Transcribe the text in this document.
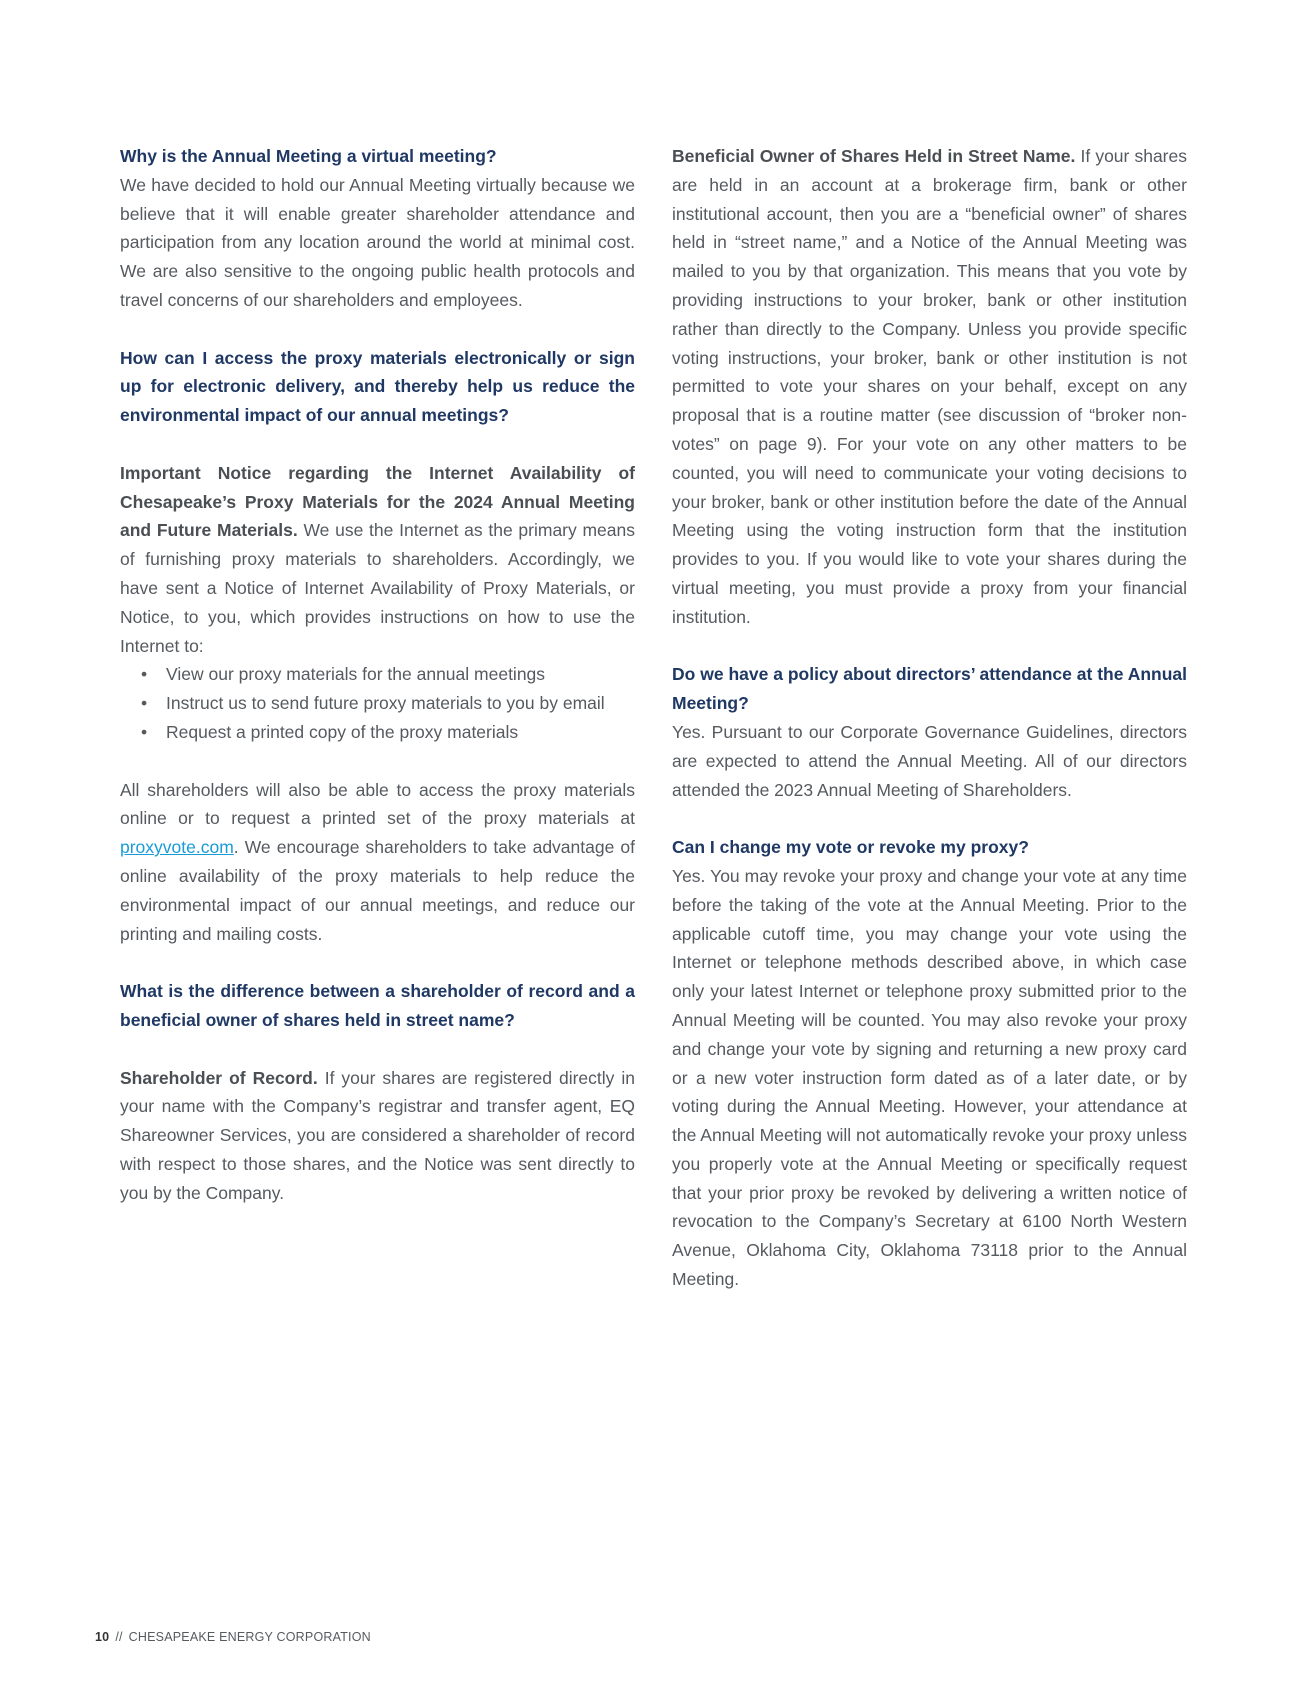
Why is the Annual Meeting a virtual meeting?

We have decided to hold our Annual Meeting virtually because we believe that it will enable greater shareholder attendance and participation from any location around the world at minimal cost. We are also sensitive to the ongoing public health protocols and travel concerns of our shareholders and employees.

How can I access the proxy materials electronically or sign up for electronic delivery, and thereby help us reduce the environmental impact of our annual meetings?

Important Notice regarding the Internet Availability of Chesapeake’s Proxy Materials for the 2024 Annual Meeting and Future Materials. We use the Internet as the primary means of furnishing proxy materials to shareholders. Accordingly, we have sent a Notice of Internet Availability of Proxy Materials, or Notice, to you, which provides instructions on how to use the Internet to:

• View our proxy materials for the annual meetings
• Instruct us to send future proxy materials to you by email
• Request a printed copy of the proxy materials

All shareholders will also be able to access the proxy materials online or to request a printed set of the proxy materials at proxyvote.com. We encourage shareholders to take advantage of online availability of the proxy materials to help reduce the environmental impact of our annual meetings, and reduce our printing and mailing costs.

What is the difference between a shareholder of record and a beneficial owner of shares held in street name?

Shareholder of Record. If your shares are registered directly in your name with the Company’s registrar and transfer agent, EQ Shareowner Services, you are considered a shareholder of record with respect to those shares, and the Notice was sent directly to you by the Company.

Beneficial Owner of Shares Held in Street Name. If your shares are held in an account at a brokerage firm, bank or other institutional account, then you are a “beneficial owner” of shares held in “street name,” and a Notice of the Annual Meeting was mailed to you by that organization. This means that you vote by providing instructions to your broker, bank or other institution rather than directly to the Company. Unless you provide specific voting instructions, your broker, bank or other institution is not permitted to vote your shares on your behalf, except on any proposal that is a routine matter (see discussion of “broker non-votes” on page 9). For your vote on any other matters to be counted, you will need to communicate your voting decisions to your broker, bank or other institution before the date of the Annual Meeting using the voting instruction form that the institution provides to you. If you would like to vote your shares during the virtual meeting, you must provide a proxy from your financial institution.

Do we have a policy about directors’ attendance at the Annual Meeting?

Yes. Pursuant to our Corporate Governance Guidelines, directors are expected to attend the Annual Meeting. All of our directors attended the 2023 Annual Meeting of Shareholders.

Can I change my vote or revoke my proxy?

Yes. You may revoke your proxy and change your vote at any time before the taking of the vote at the Annual Meeting. Prior to the applicable cutoff time, you may change your vote using the Internet or telephone methods described above, in which case only your latest Internet or telephone proxy submitted prior to the Annual Meeting will be counted. You may also revoke your proxy and change your vote by signing and returning a new proxy card or a new voter instruction form dated as of a later date, or by voting during the Annual Meeting. However, your attendance at the Annual Meeting will not automatically revoke your proxy unless you properly vote at the Annual Meeting or specifically request that your prior proxy be revoked by delivering a written notice of revocation to the Company’s Secretary at 6100 North Western Avenue, Oklahoma City, Oklahoma 73118 prior to the Annual Meeting.

10 // CHESAPEAKE ENERGY CORPORATION
